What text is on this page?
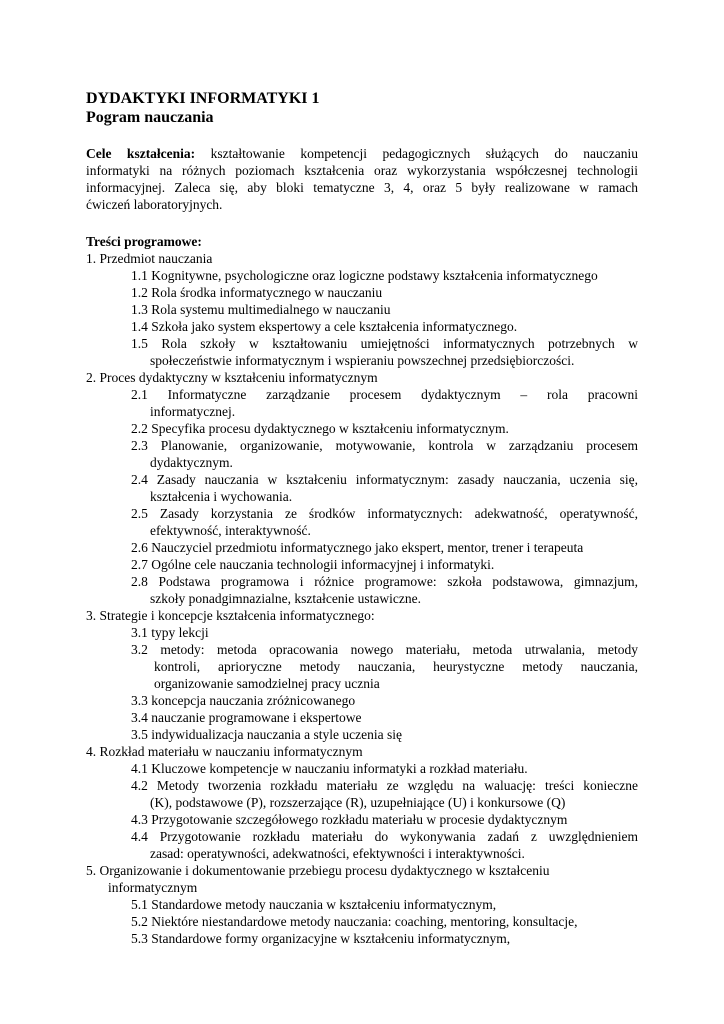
DYDAKTYKI INFORMATYKI 1
Pogram nauczania
Cele kształcenia: kształtowanie kompetencji pedagogicznych służących do nauczaniu
informatyki na różnych poziomach kształcenia oraz wykorzystania współczesnej technologii
informacyjnej. Zaleca się, aby bloki tematyczne 3, 4, oraz 5 były realizowane w ramach
ćwiczeń laboratoryjnych.
Treści programowe:
1. Przedmiot nauczania
1.1 Kognitywne, psychologiczne oraz logiczne podstawy kształcenia informatycznego
1.2 Rola środka informatycznego w nauczaniu
1.3 Rola systemu multimedialnego w nauczaniu
1.4 Szkoła jako system ekspertowy a cele kształcenia informatycznego.
1.5 Rola szkoły w kształtowaniu umiejętności informatycznych potrzebnych w
społeczeństwie informatycznym i wspieraniu powszechnej przedsiębiorczości.
2. Proces dydaktyczny w kształceniu informatycznym
2.1 Informatyczne zarządzanie procesem dydaktycznym – rola pracowni
informatycznej.
2.2 Specyfika procesu dydaktycznego w kształceniu informatycznym.
2.3 Planowanie, organizowanie, motywowanie, kontrola w zarządzaniu procesem
dydaktycznym.
2.4 Zasady nauczania w kształceniu informatycznym: zasady nauczania, uczenia się,
kształcenia i wychowania.
2.5 Zasady korzystania ze środków informatycznych: adekwatność, operatywność,
efektywność, interaktywność.
2.6 Nauczyciel przedmiotu informatycznego jako ekspert, mentor, trener i terapeuta
2.7 Ogólne cele nauczania technologii informacyjnej i informatyki.
2.8 Podstawa programowa i różnice programowe: szkoła podstawowa, gimnazjum,
szkoły ponadgimnazialne, kształcenie ustawiczne.
3. Strategie i koncepcje kształcenia informatycznego:
3.1 typy lekcji
3.2 metody: metoda opracowania nowego materiału, metoda utrwalania, metody
kontroli, aprioryczne metody nauczania, heurystyczne metody nauczania,
organizowanie samodzielnej pracy ucznia
3.3 koncepcja nauczania zróżnicowanego
3.4 nauczanie programowane i ekspertowe
3.5 indywidualizacja nauczania a style uczenia się
4. Rozkład materiału w nauczaniu informatycznym
4.1 Kluczowe kompetencje w nauczaniu informatyki a rozkład materiału.
4.2 Metody tworzenia rozkładu materiału ze względu na waluację: treści konieczne
(K), podstawowe (P), rozszerzające (R), uzupełniające (U) i konkursowe (Q)
4.3 Przygotowanie szczegółowego rozkładu materiału w procesie dydaktycznym
4.4 Przygotowanie rozkładu materiału do wykonywania zadań z uwzględnieniem
zasad: operatywności, adekwatności, efektywności i interaktywności.
5. Organizowanie i dokumentowanie przebiegu procesu dydaktycznego w kształceniu
informatycznym
5.1 Standardowe metody nauczania w kształceniu informatycznym,
5.2 Niektóre niestandardowe metody nauczania: coaching, mentoring, konsultacje,
5.3 Standardowe formy organizacyjne w kształceniu informatycznym,
